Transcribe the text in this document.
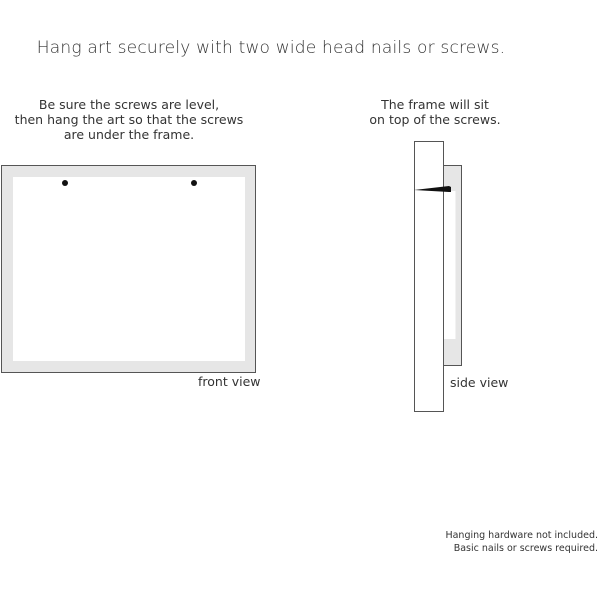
Hang art securely with two wide head nails or screws.
Be sure the screws are level,
then hang the art so that the screws
are under the frame.
The frame will sit
on top of the screws.
front view	side view
Hanging hardware not included.
Basic nails or screws required.
